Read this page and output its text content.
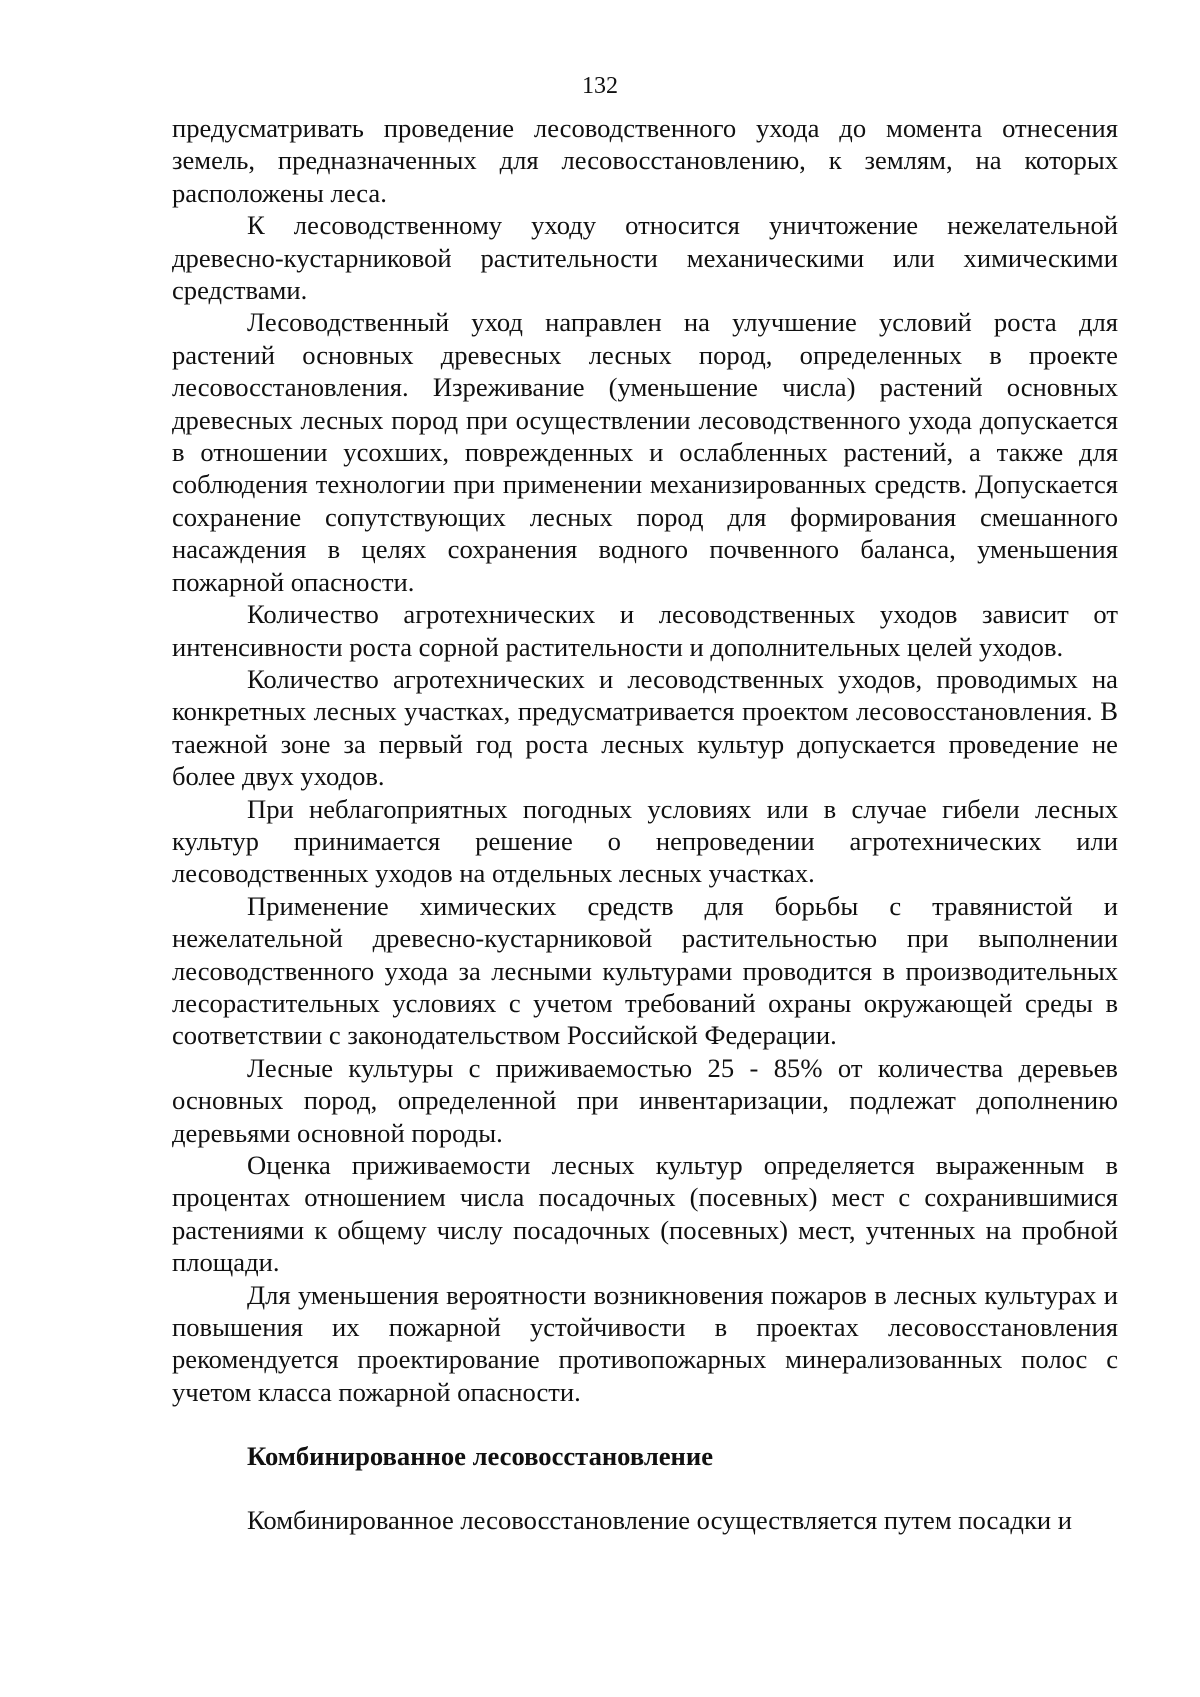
132

предусматривать проведение лесоводственного ухода до момента отнесения земель, предназначенных для лесовосстановлению, к землям, на которых расположены леса.

К лесоводственному уходу относится уничтожение нежелательной древесно-кустарниковой растительности механическими или химическими средствами.

Лесоводственный уход направлен на улучшение условий роста для растений основных древесных лесных пород, определенных в проекте лесовосстановления. Изреживание (уменьшение числа) растений основных древесных лесных пород при осуществлении лесоводственного ухода допускается в отношении усохших, поврежденных и ослабленных растений, а также для соблюдения технологии при применении механизированных средств. Допускается сохранение сопутствующих лесных пород для формирования смешанного насаждения в целях сохранения водного почвенного баланса, уменьшения пожарной опасности.

Количество агротехнических и лесоводственных уходов зависит от интенсивности роста сорной растительности и дополнительных целей уходов.

Количество агротехнических и лесоводственных уходов, проводимых на конкретных лесных участках, предусматривается проектом лесовосстановления. В таежной зоне за первый год роста лесных культур допускается проведение не более двух уходов.

При неблагоприятных погодных условиях или в случае гибели лесных культур принимается решение о непроведении агротехнических или лесоводственных уходов на отдельных лесных участках.

Применение химических средств для борьбы с травянистой и нежелательной древесно-кустарниковой растительностью при выполнении лесоводственного ухода за лесными культурами проводится в производительных лесорастительных условиях с учетом требований охраны окружающей среды в соответствии с законодательством Российской Федерации.

Лесные культуры с приживаемостью 25 - 85% от количества деревьев основных пород, определенной при инвентаризации, подлежат дополнению деревьями основной породы.

Оценка приживаемости лесных культур определяется выраженным в процентах отношением числа посадочных (посевных) мест с сохранившимися растениями к общему числу посадочных (посевных) мест, учтенных на пробной площади.

Для уменьшения вероятности возникновения пожаров в лесных культурах и повышения их пожарной устойчивости в проектах лесовосстановления рекомендуется проектирование противопожарных минерализованных полос с учетом класса пожарной опасности.

Комбинированное лесовосстановление

Комбинированное лесовосстановление осуществляется путем посадки и
